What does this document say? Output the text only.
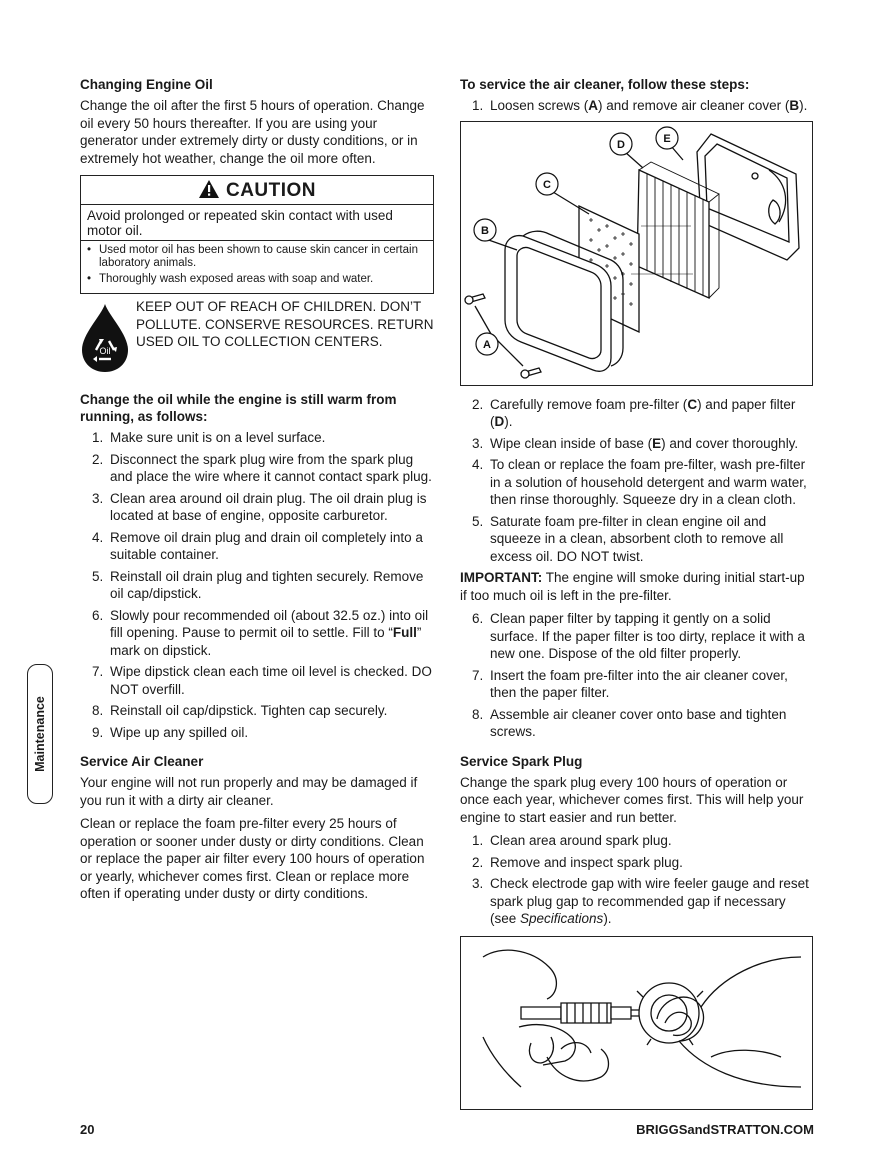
Changing Engine Oil

Change the oil after the first 5 hours of operation. Change oil every 50 hours thereafter. If you are using your generator under extremely dirty or dusty conditions, or in extremely hot weather, change the oil more often.

CAUTION
Avoid prolonged or repeated skin contact with used motor oil.
• Used motor oil has been shown to cause skin cancer in certain laboratory animals.
• Thoroughly wash exposed areas with soap and water.
Oil
KEEP OUT OF REACH OF CHILDREN. DON’T POLLUTE. CONSERVE RESOURCES. RETURN USED OIL TO COLLECTION CENTERS.
Change the oil while the engine is still warm from running, as follows:
1. Make sure unit is on a level surface.
2. Disconnect the spark plug wire from the spark plug and place the wire where it cannot contact spark plug.
3. Clean area around oil drain plug. The oil drain plug is located at base of engine, opposite carburetor.
4. Remove oil drain plug and drain oil completely into a suitable container.
5. Reinstall oil drain plug and tighten securely. Remove oil cap/dipstick.
6. Slowly pour recommended oil (about 32.5 oz.) into oil fill opening. Pause to permit oil to settle. Fill to “Full” mark on dipstick.
7. Wipe dipstick clean each time oil level is checked. DO NOT overfill.
8. Reinstall oil cap/dipstick. Tighten cap securely.
9. Wipe up any spilled oil.
Service Air Cleaner

Your engine will not run properly and may be damaged if you run it with a dirty air cleaner.

Clean or replace the foam pre-filter every 25 hours of operation or sooner under dusty or dirty conditions. Clean or replace the paper air filter every 100 hours of operation or yearly, whichever comes first. Clean or replace more often if operating under dusty or dirty conditions.

To service the air cleaner, follow these steps:
1. Loosen screws (A) and remove air cleaner cover (B).
B
C
D	E
A
2. Carefully remove foam pre-filter (C) and paper filter (D).
3. Wipe clean inside of base (E) and cover thoroughly.
4. To clean or replace the foam pre-filter, wash pre-filter in a solution of household detergent and warm water, then rinse thoroughly. Squeeze dry in a clean cloth.
5. Saturate foam pre-filter in clean engine oil and squeeze in a clean, absorbent cloth to remove all excess oil. DO NOT twist.

IMPORTANT: The engine will smoke during initial start-up if too much oil is left in the pre-filter.

6. Clean paper filter by tapping it gently on a solid surface. If the paper filter is too dirty, replace it with a new one. Dispose of the old filter properly.
7. Insert the foam pre-filter into the air cleaner cover, then the paper filter.
8. Assemble air cleaner cover onto base and tighten screws.
Service Spark Plug

Change the spark plug every 100 hours of operation or once each year, whichever comes first. This will help your engine to start easier and run better.

1. Clean area around spark plug.
2. Remove and inspect spark plug.
3. Check electrode gap with wire feeler gauge and reset spark plug gap to recommended gap if necessary (see Specifications).
Maintenance
20	BRIGGSandSTRATTON.COM
